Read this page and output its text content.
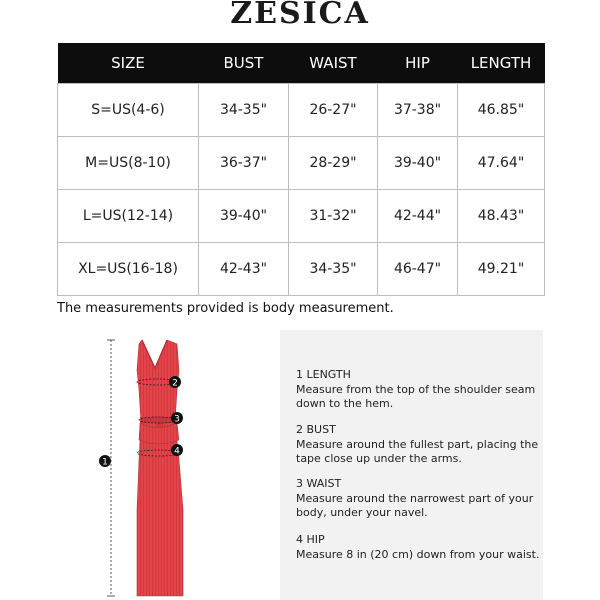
ZESICA
SIZE	BUST	WAIST	HIP	LENGTH
S=US(4-6)	34-35"	26-27"	37-38"	46.85"
M=US(8-10)	36-37"	28-29"	39-40"	47.64"
L=US(12-14)	39-40"	31-32"	42-44"	48.43"
XL=US(16-18)	42-43"	34-35"	46-47"	49.21"
The measurements provided is body measurement.
1
2
3
4
1 LENGTH
Measure from the top of the shoulder seam down to the hem.
2 BUST
Measure around the fullest part, placing the tape close up under the arms.
3 WAIST
Measure around the narrowest part of your body, under your navel.
4 HIP
Measure 8 in (20 cm) down from your waist.
